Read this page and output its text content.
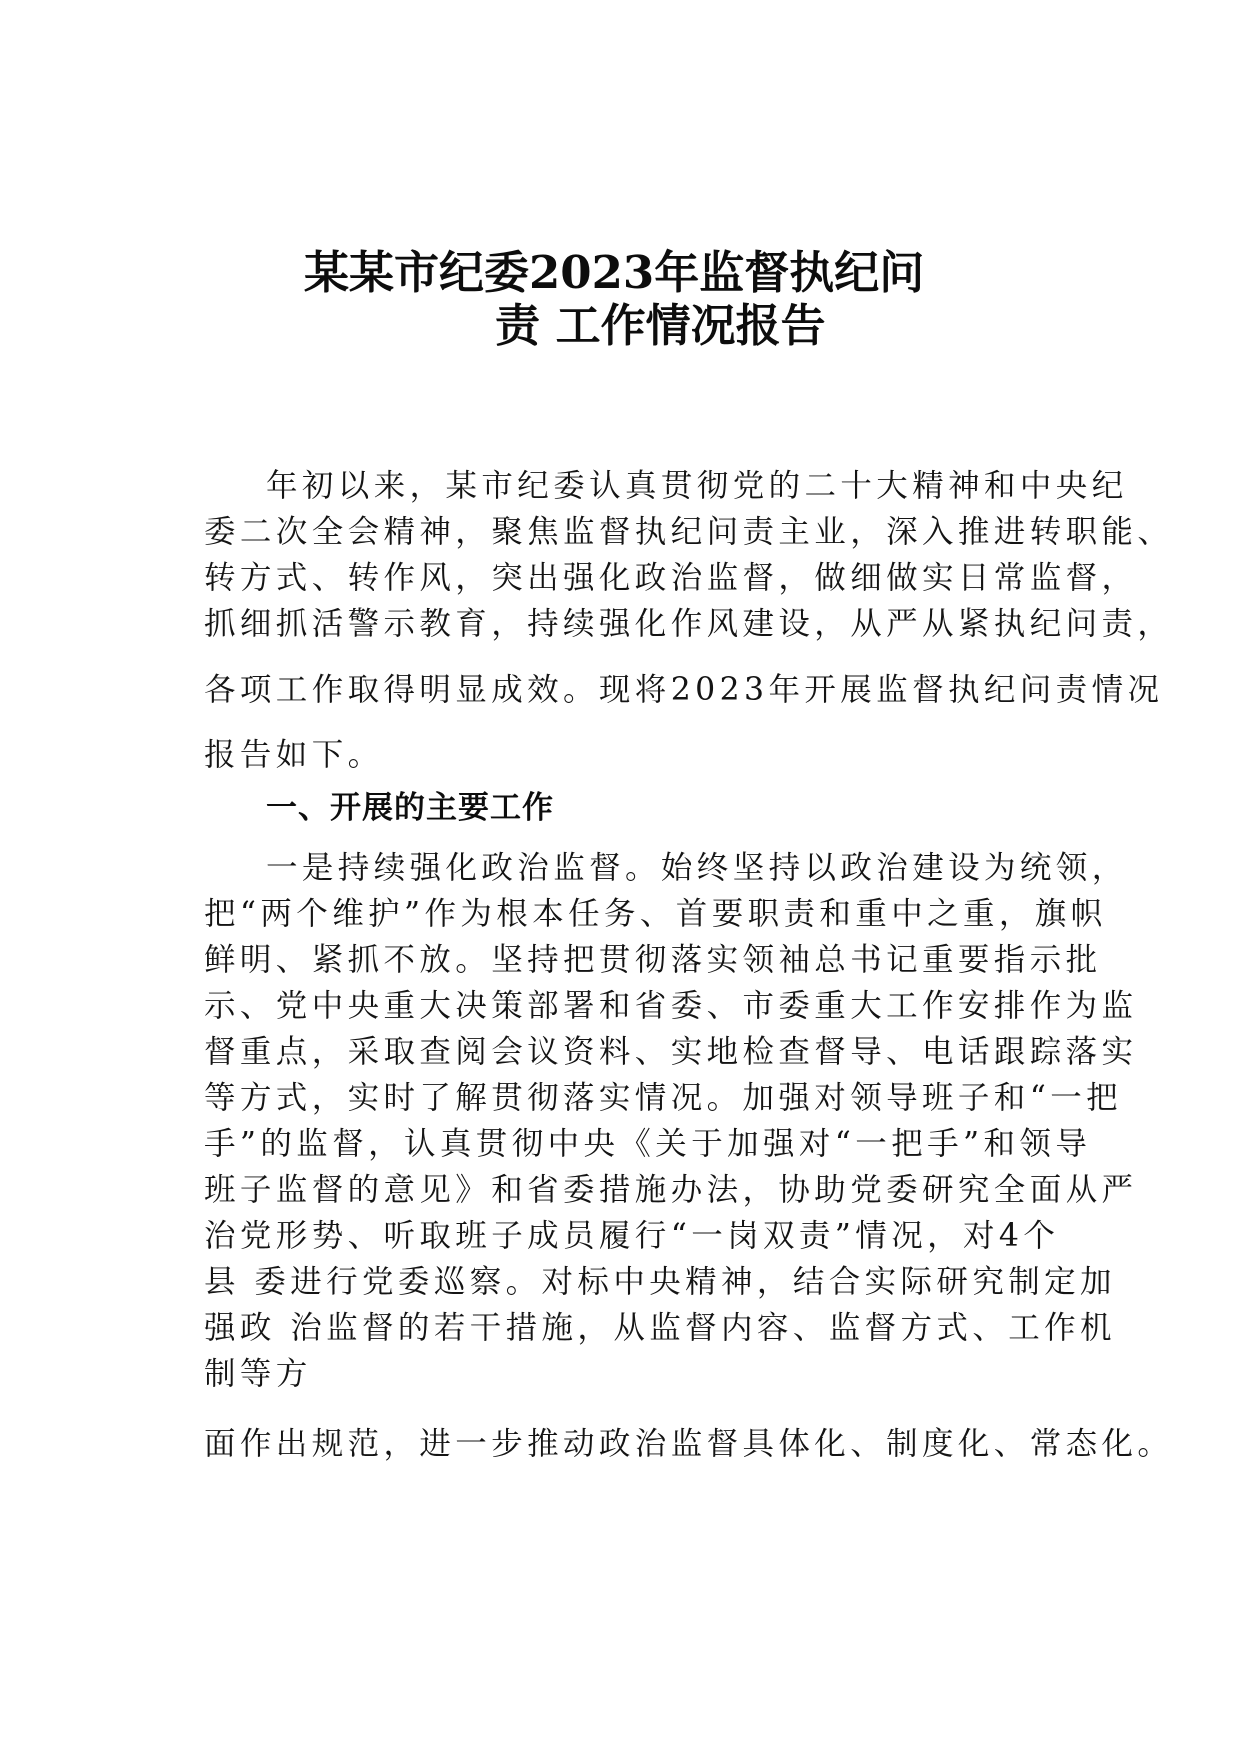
某某市纪委2023年监督执纪问
责 工作情况报告
年初以来，某市纪委认真贯彻党的二十大精神和中央纪
委二次全会精神，聚焦监督执纪问责主业，深入推进转职能、
转方式、转作风，突出强化政治监督，做细做实日常监督，
抓细抓活警示教育，持续强化作风建设，从严从紧执纪问责，
各项工作取得明显成效。现将2023年开展监督执纪问责情况
报告如下。
一、开展的主要工作
一是持续强化政治监督。始终坚持以政治建设为统领，
把“两个维护”作为根本任务、首要职责和重中之重，旗帜
鲜明、紧抓不放。坚持把贯彻落实领袖总书记重要指示批
示、党中央重大决策部署和省委、市委重大工作安排作为监
督重点，采取查阅会议资料、实地检查督导、电话跟踪落实
等方式，实时了解贯彻落实情况。加强对领导班子和“一把
手”的监督，认真贯彻中央《关于加强对“一把手”和领导
班子监督的意见》和省委措施办法，协助党委研究全面从严
治党形势、听取班子成员履行“一岗双责”情况，对4个
县 委进行党委巡察。对标中央精神，结合实际研究制定加
强政 治监督的若干措施，从监督内容、监督方式、工作机
制等方
面作出规范，进一步推动政治监督具体化、制度化、常态化。
